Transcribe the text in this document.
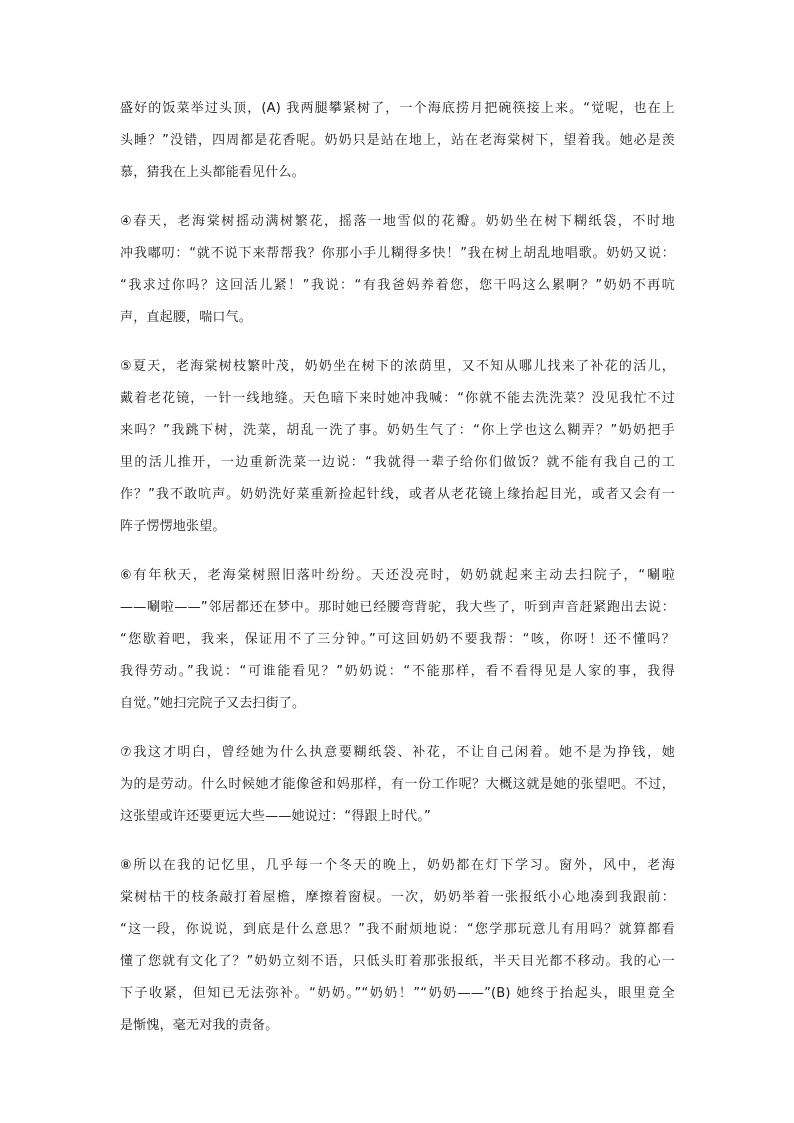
盛好的饭菜举过头顶，(A) 我两腿攀紧树了，一个海底捞月把碗筷接上来。“觉呢，也在上
头睡？”没错，四周都是花香呢。奶奶只是站在地上，站在老海棠树下，望着我。她必是羡
慕，猜我在上头都能看见什么。
④春天，老海棠树摇动满树繁花，摇落一地雪似的花瓣。奶奶坐在树下糊纸袋，不时地
冲我嘟叨：“就不说下来帮帮我？你那小手儿糊得多快！”我在树上胡乱地唱歌。奶奶又说：
“我求过你吗？这回活儿紧！”我说：“有我爸妈养着您，您干吗这么累啊？”奶奶不再吭
声，直起腰，喘口气。
⑤夏天，老海棠树枝繁叶茂，奶奶坐在树下的浓荫里，又不知从哪儿找来了补花的活儿，
戴着老花镜，一针一线地缝。天色暗下来时她冲我喊：“你就不能去洗洗菜？没见我忙不过
来吗？”我跳下树，洗菜，胡乱一洗了事。奶奶生气了：“你上学也这么糊弄？”奶奶把手
里的活儿推开，一边重新洗菜一边说：“我就得一辈子给你们做饭？就不能有我自己的工
作？”我不敢吭声。奶奶洗好菜重新捡起针线，或者从老花镜上缘抬起目光，或者又会有一
阵子愣愣地张望。
⑥有年秋天，老海棠树照旧落叶纷纷。天还没亮时，奶奶就起来主动去扫院子，“唰啦
——唰啦——”邻居都还在梦中。那时她已经腰弯背驼，我大些了，听到声音赶紧跑出去说：
“您歇着吧，我来，保证用不了三分钟。”可这回奶奶不要我帮：“咳，你呀！还不懂吗？
我得劳动。”我说：“可谁能看见？”奶奶说：“不能那样，看不看得见是人家的事，我得
自觉。”她扫完院子又去扫街了。
⑦我这才明白，曾经她为什么执意要糊纸袋、补花，不让自己闲着。她不是为挣钱，她
为的是劳动。什么时候她才能像爸和妈那样，有一份工作呢？大概这就是她的张望吧。不过，
这张望或许还要更远大些——她说过：“得跟上时代。”
⑧所以在我的记忆里，几乎每一个冬天的晚上，奶奶都在灯下学习。窗外，风中，老海
棠树枯干的枝条敲打着屋檐，摩擦着窗棂。一次，奶奶举着一张报纸小心地凑到我跟前：
“这一段，你说说，到底是什么意思？”我不耐烦地说：“您学那玩意儿有用吗？就算都看
懂了您就有文化了？”奶奶立刻不语，只低头盯着那张报纸，半天目光都不移动。我的心一
下子收紧，但知已无法弥补。“奶奶。”“奶奶！”“奶奶——”(B) 她终于抬起头，眼里竟全
是惭愧，毫无对我的责备。
